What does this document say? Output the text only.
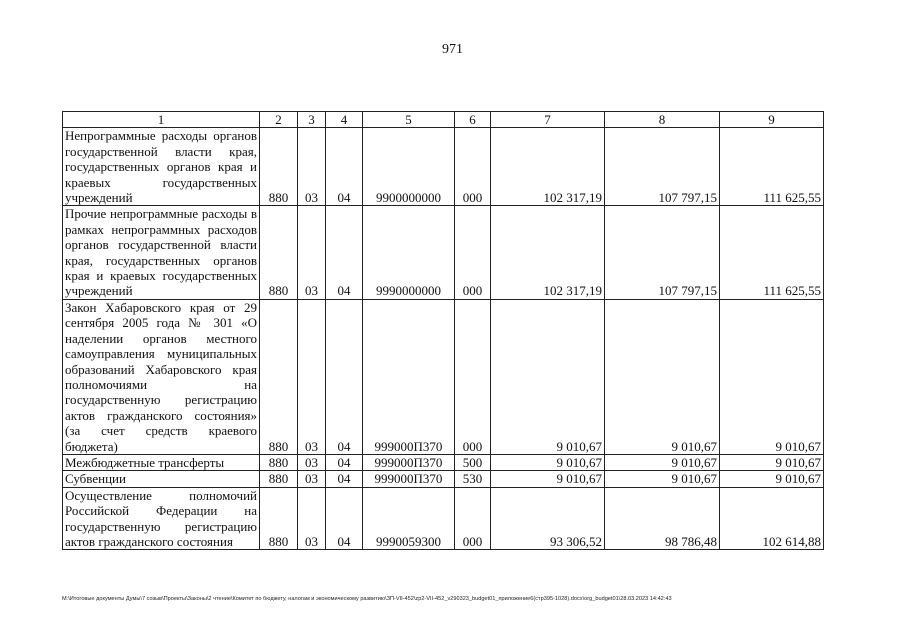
971
1	2	3	4	5	6	7	8	9
Непрограммные расходы органов государственной власти края, государственных органов края и краевых государственных учреждений	880	03	04	9900000000	000	102 317,19	107 797,15	111 625,55
Прочие непрограммные расходы в рамках непрограммных расходов органов государственной власти края, государственных органов края и краевых государственных учреждений	880	03	04	9990000000	000	102 317,19	107 797,15	111 625,55
Закон Хабаровского края от 29 сентября 2005 года № 301 «О наделении органов местного самоуправления муниципальных образований Хабаровского края полномочиями на государственную регистрацию актов гражданского состояния» (за счет средств краевого бюджета)	880	03	04	999000П370	000	9 010,67	9 010,67	9 010,67
Межбюджетные трансферты	880	03	04	999000П370	500	9 010,67	9 010,67	9 010,67
Субвенции	880	03	04	999000П370	530	9 010,67	9 010,67	9 010,67
Осуществление полномочий Российской Федерации на государственную регистрацию актов гражданского состояния	880	03	04	9990059300	000	93 306,52	98 786,48	102 614,88
M:\Итоговые документы Думы\7 созыв\Проекты\Законы\2 чтение\Комитет по бюджету, налогам и экономическому развитию\ЗП-VII-452\zp2-VII-452_v290323_budget01_приложение6(стр395-1028).docx\org_budget01\28.03.2023 14:42:43
